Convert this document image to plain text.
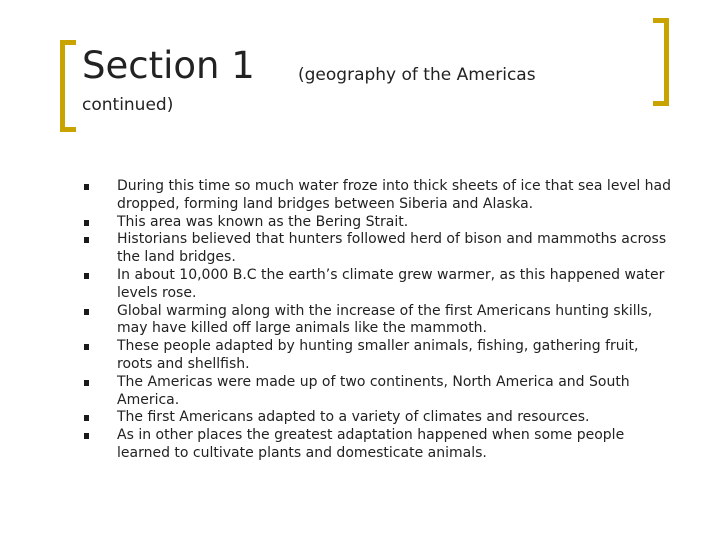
Section 1	(geography of the Americas
continued)
During this time so much water froze into thick sheets of ice that sea level had dropped, forming land bridges between Siberia and Alaska.
This area was known as the Bering Strait.
Historians believed that hunters followed herd of bison and mammoths across the land bridges.
In about 10,000 B.C the earth’s climate grew warmer, as this happened water levels rose.
Global warming along with the increase of the first Americans hunting skills, may have killed off large animals like the mammoth.
These people adapted by hunting smaller animals, fishing, gathering fruit, roots and shellfish.
The Americas were made up of two continents, North America and South America.
The first Americans adapted to a variety of climates and resources.
As in other places the greatest adaptation happened when some people learned to cultivate plants and domesticate animals.
